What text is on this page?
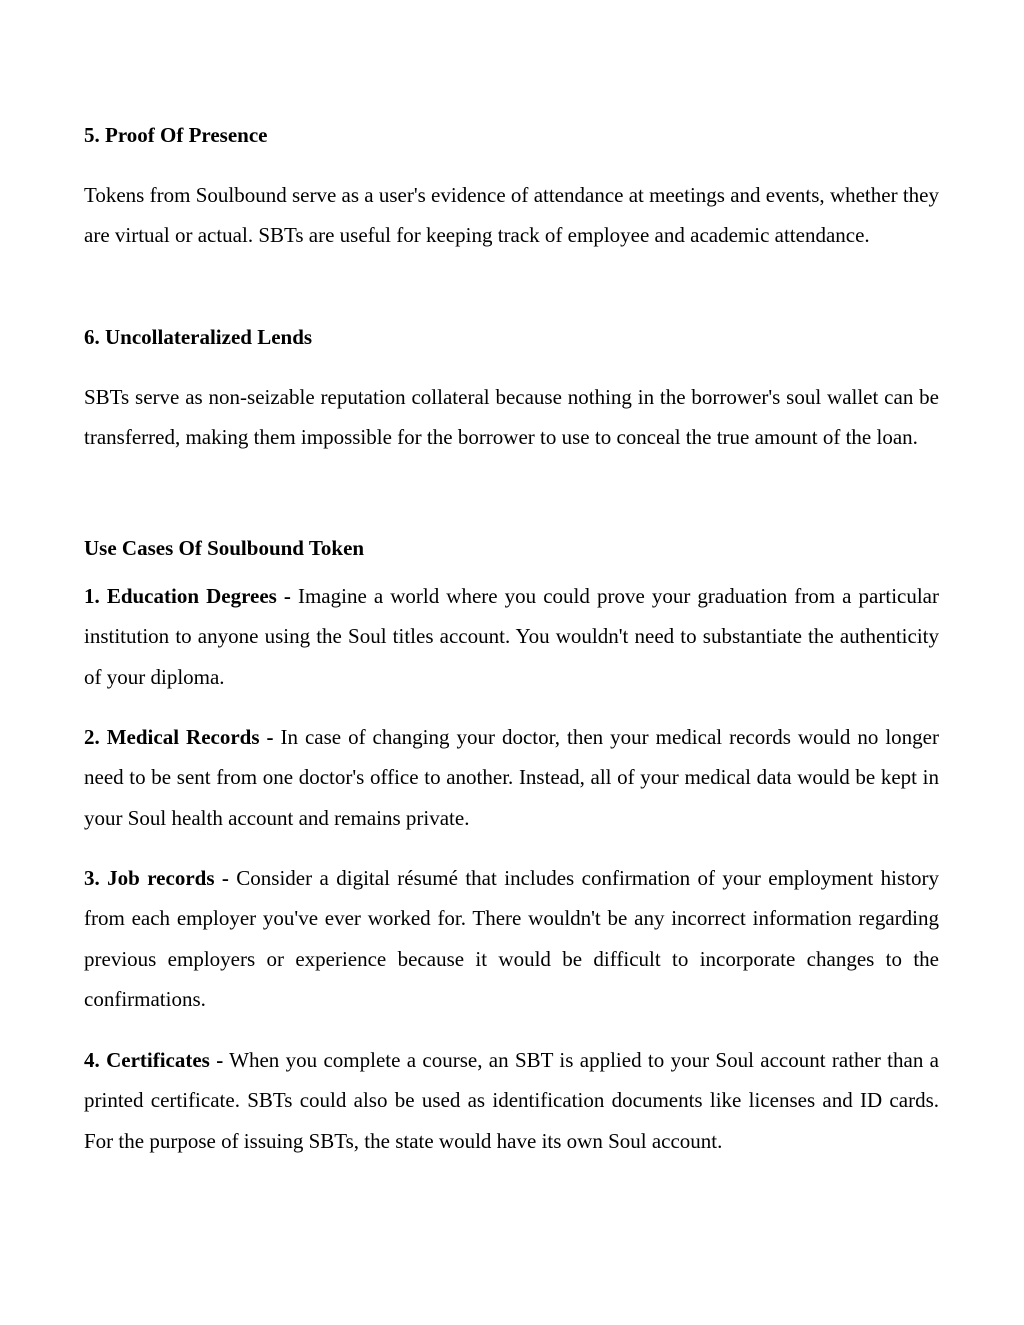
5. Proof Of Presence
Tokens from Soulbound serve as a user's evidence of attendance at meetings and events, whether they are virtual or actual. SBTs are useful for keeping track of employee and academic attendance.
6. Uncollateralized Lends
SBTs serve as non-seizable reputation collateral because nothing in the borrower's soul wallet can be transferred, making them impossible for the borrower to use to conceal the true amount of the loan.
Use Cases Of Soulbound Token
1. Education Degrees - Imagine a world where you could prove your graduation from a particular institution to anyone using the Soul titles account. You wouldn't need to substantiate the authenticity of your diploma.
2. Medical Records - In case of changing your doctor, then your medical records would no longer need to be sent from one doctor's office to another. Instead, all of your medical data would be kept in your Soul health account and remains private.
3. Job records - Consider a digital résumé that includes confirmation of your employment history from each employer you've ever worked for. There wouldn't be any incorrect information regarding previous employers or experience because it would be difficult to incorporate changes to the confirmations.
4. Certificates - When you complete a course, an SBT is applied to your Soul account rather than a printed certificate. SBTs could also be used as identification documents like licenses and ID cards. For the purpose of issuing SBTs, the state would have its own Soul account.
